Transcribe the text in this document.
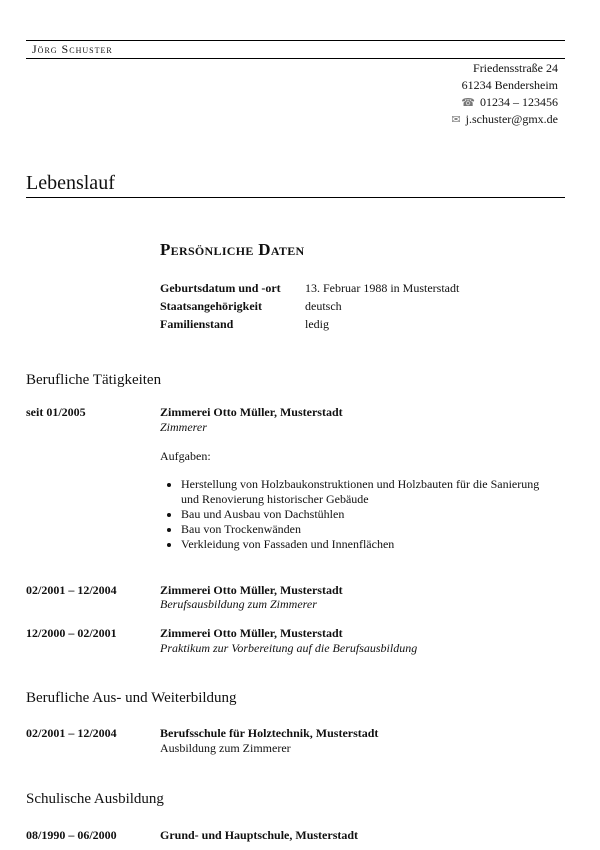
Jörg Schuster
Friedensstraße 24
61234 Bendersheim
☎ 01234 – 123456
✉ j.schuster@gmx.de
Lebenslauf
Persönliche Daten
Geburtsdatum und -ort 13. Februar 1988 in Musterstadt
Staatsangehörigkeit	deutsch
Familienstand	ledig
Berufliche Tätigkeiten
seit 01/2005	Zimmerei Otto Müller, Musterstadt
Zimmerer
Aufgaben:
• Herstellung von Holzbaukonstruktionen und Holzbauten für die Sanierung und Renovierung historischer Gebäude
• Bau und Ausbau von Dachstühlen
• Bau von Trockenwänden
• Verkleidung von Fassaden und Innenflächen
02/2001 – 12/2004	Zimmerei Otto Müller, Musterstadt
Berufsausbildung zum Zimmerer
12/2000 – 02/2001	Zimmerei Otto Müller, Musterstadt
Praktikum zur Vorbereitung auf die Berufsausbildung
Berufliche Aus- und Weiterbildung
02/2001 – 12/2004	Berufsschule für Holztechnik, Musterstadt
Ausbildung zum Zimmerer
Schulische Ausbildung
08/1990 – 06/2000	Grund- und Hauptschule, Musterstadt
